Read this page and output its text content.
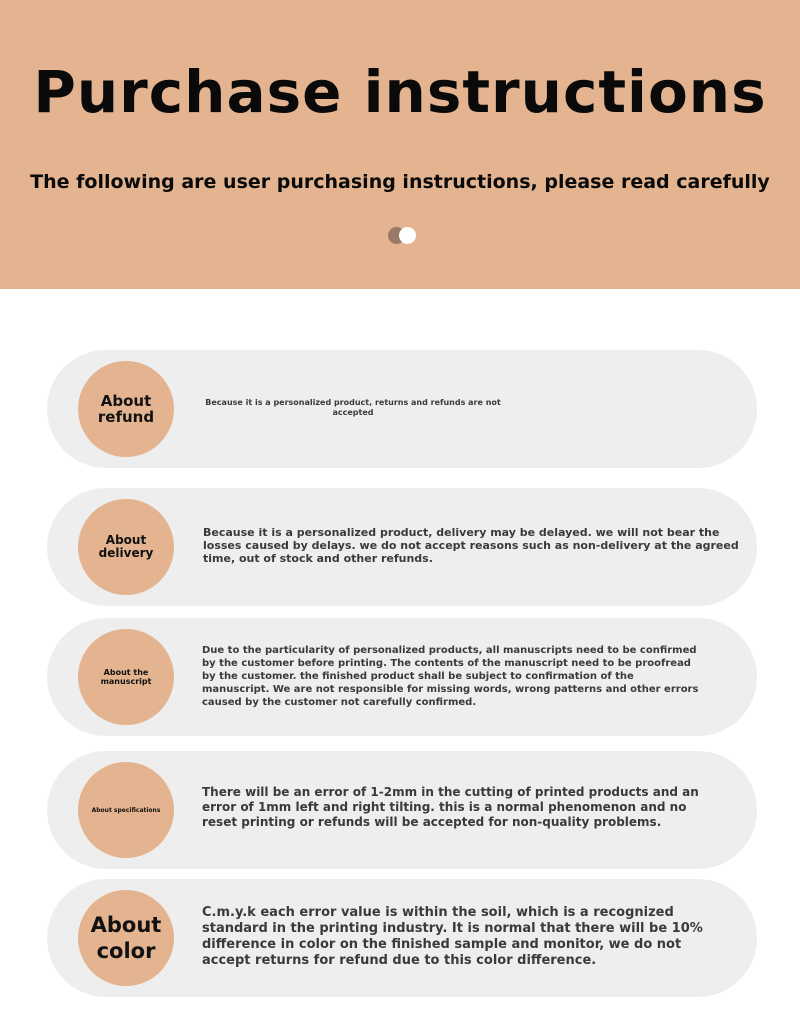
Purchase instructions
The following are user purchasing instructions, please read carefully
About refund
Because it is a personalized product, returns and refunds are not accepted
About delivery
Because it is a personalized product, delivery may be delayed. we will not bear the losses caused by delays. we do not accept reasons such as non-delivery at the agreed time, out of stock and other refunds.
About the manuscript
Due to the particularity of personalized products, all manuscripts need to be confirmed by the customer before printing. The contents of the manuscript need to be proofread by the customer. the finished product shall be subject to confirmation of the manuscript. We are not responsible for missing words, wrong patterns and other errors caused by the customer not carefully confirmed.
About specifications
There will be an error of 1-2mm in the cutting of printed products and an error of 1mm left and right tilting. this is a normal phenomenon and no reset printing or refunds will be accepted for non-quality problems.
About color
C.m.y.k each error value is within the soil, which is a recognized standard in the printing industry. It is normal that there will be 10% difference in color on the finished sample and monitor, we do not accept returns for refund due to this color difference.
